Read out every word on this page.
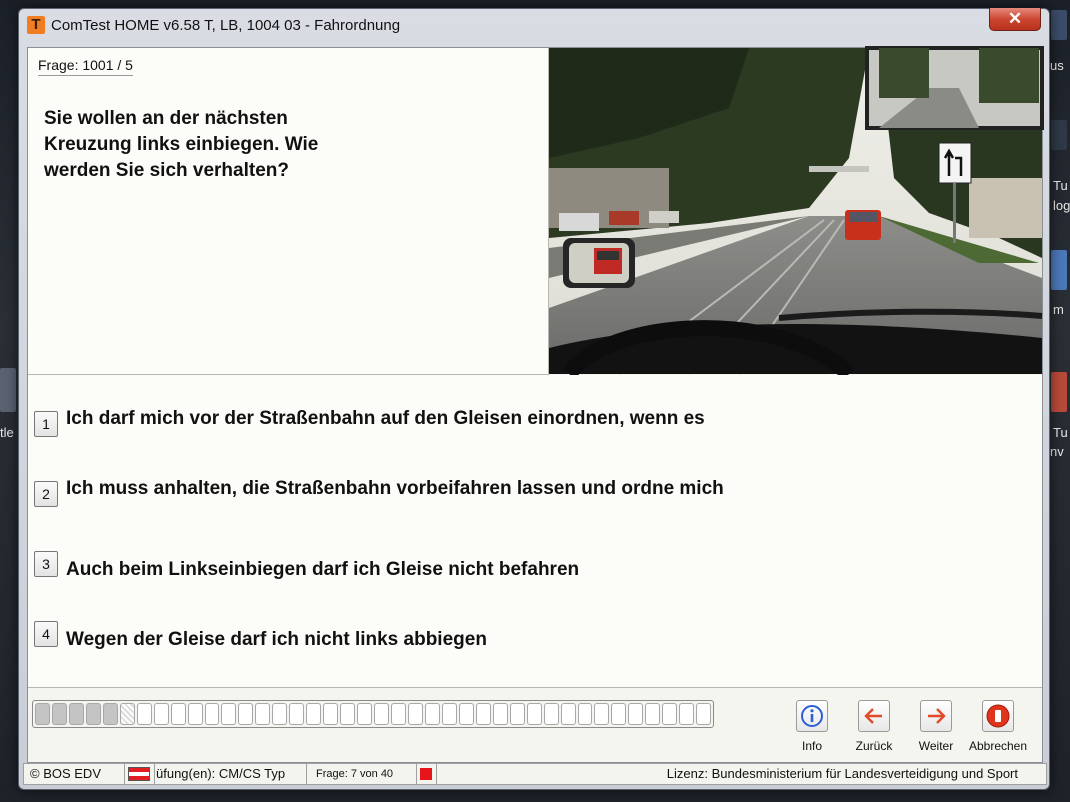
us
Tu
log
m
Tu
nv
tle
T ComTest HOME v6.58 T, LB, 1004 03 - Fahrordnung	✕
Frage: 1001 / 5
Sie wollen an der nächsten Kreuzung links einbiegen. Wie werden Sie sich verhalten?
1 Ich darf mich vor der Straßenbahn auf den Gleisen einordnen, wenn es
2 Ich muss anhalten, die Straßenbahn vorbeifahren lassen und ordne mich
3 Auch beim Linkseinbiegen darf ich Gleise nicht befahren
4 Wegen der Gleise darf ich nicht links abbiegen
Info	Zurück	Weiter	Abbrechen
© BOS EDV	üfung(en): CM/CS Typ	Frage: 7 von 40	Lizenz: Bundesministerium für Landesverteidigung und Sport
